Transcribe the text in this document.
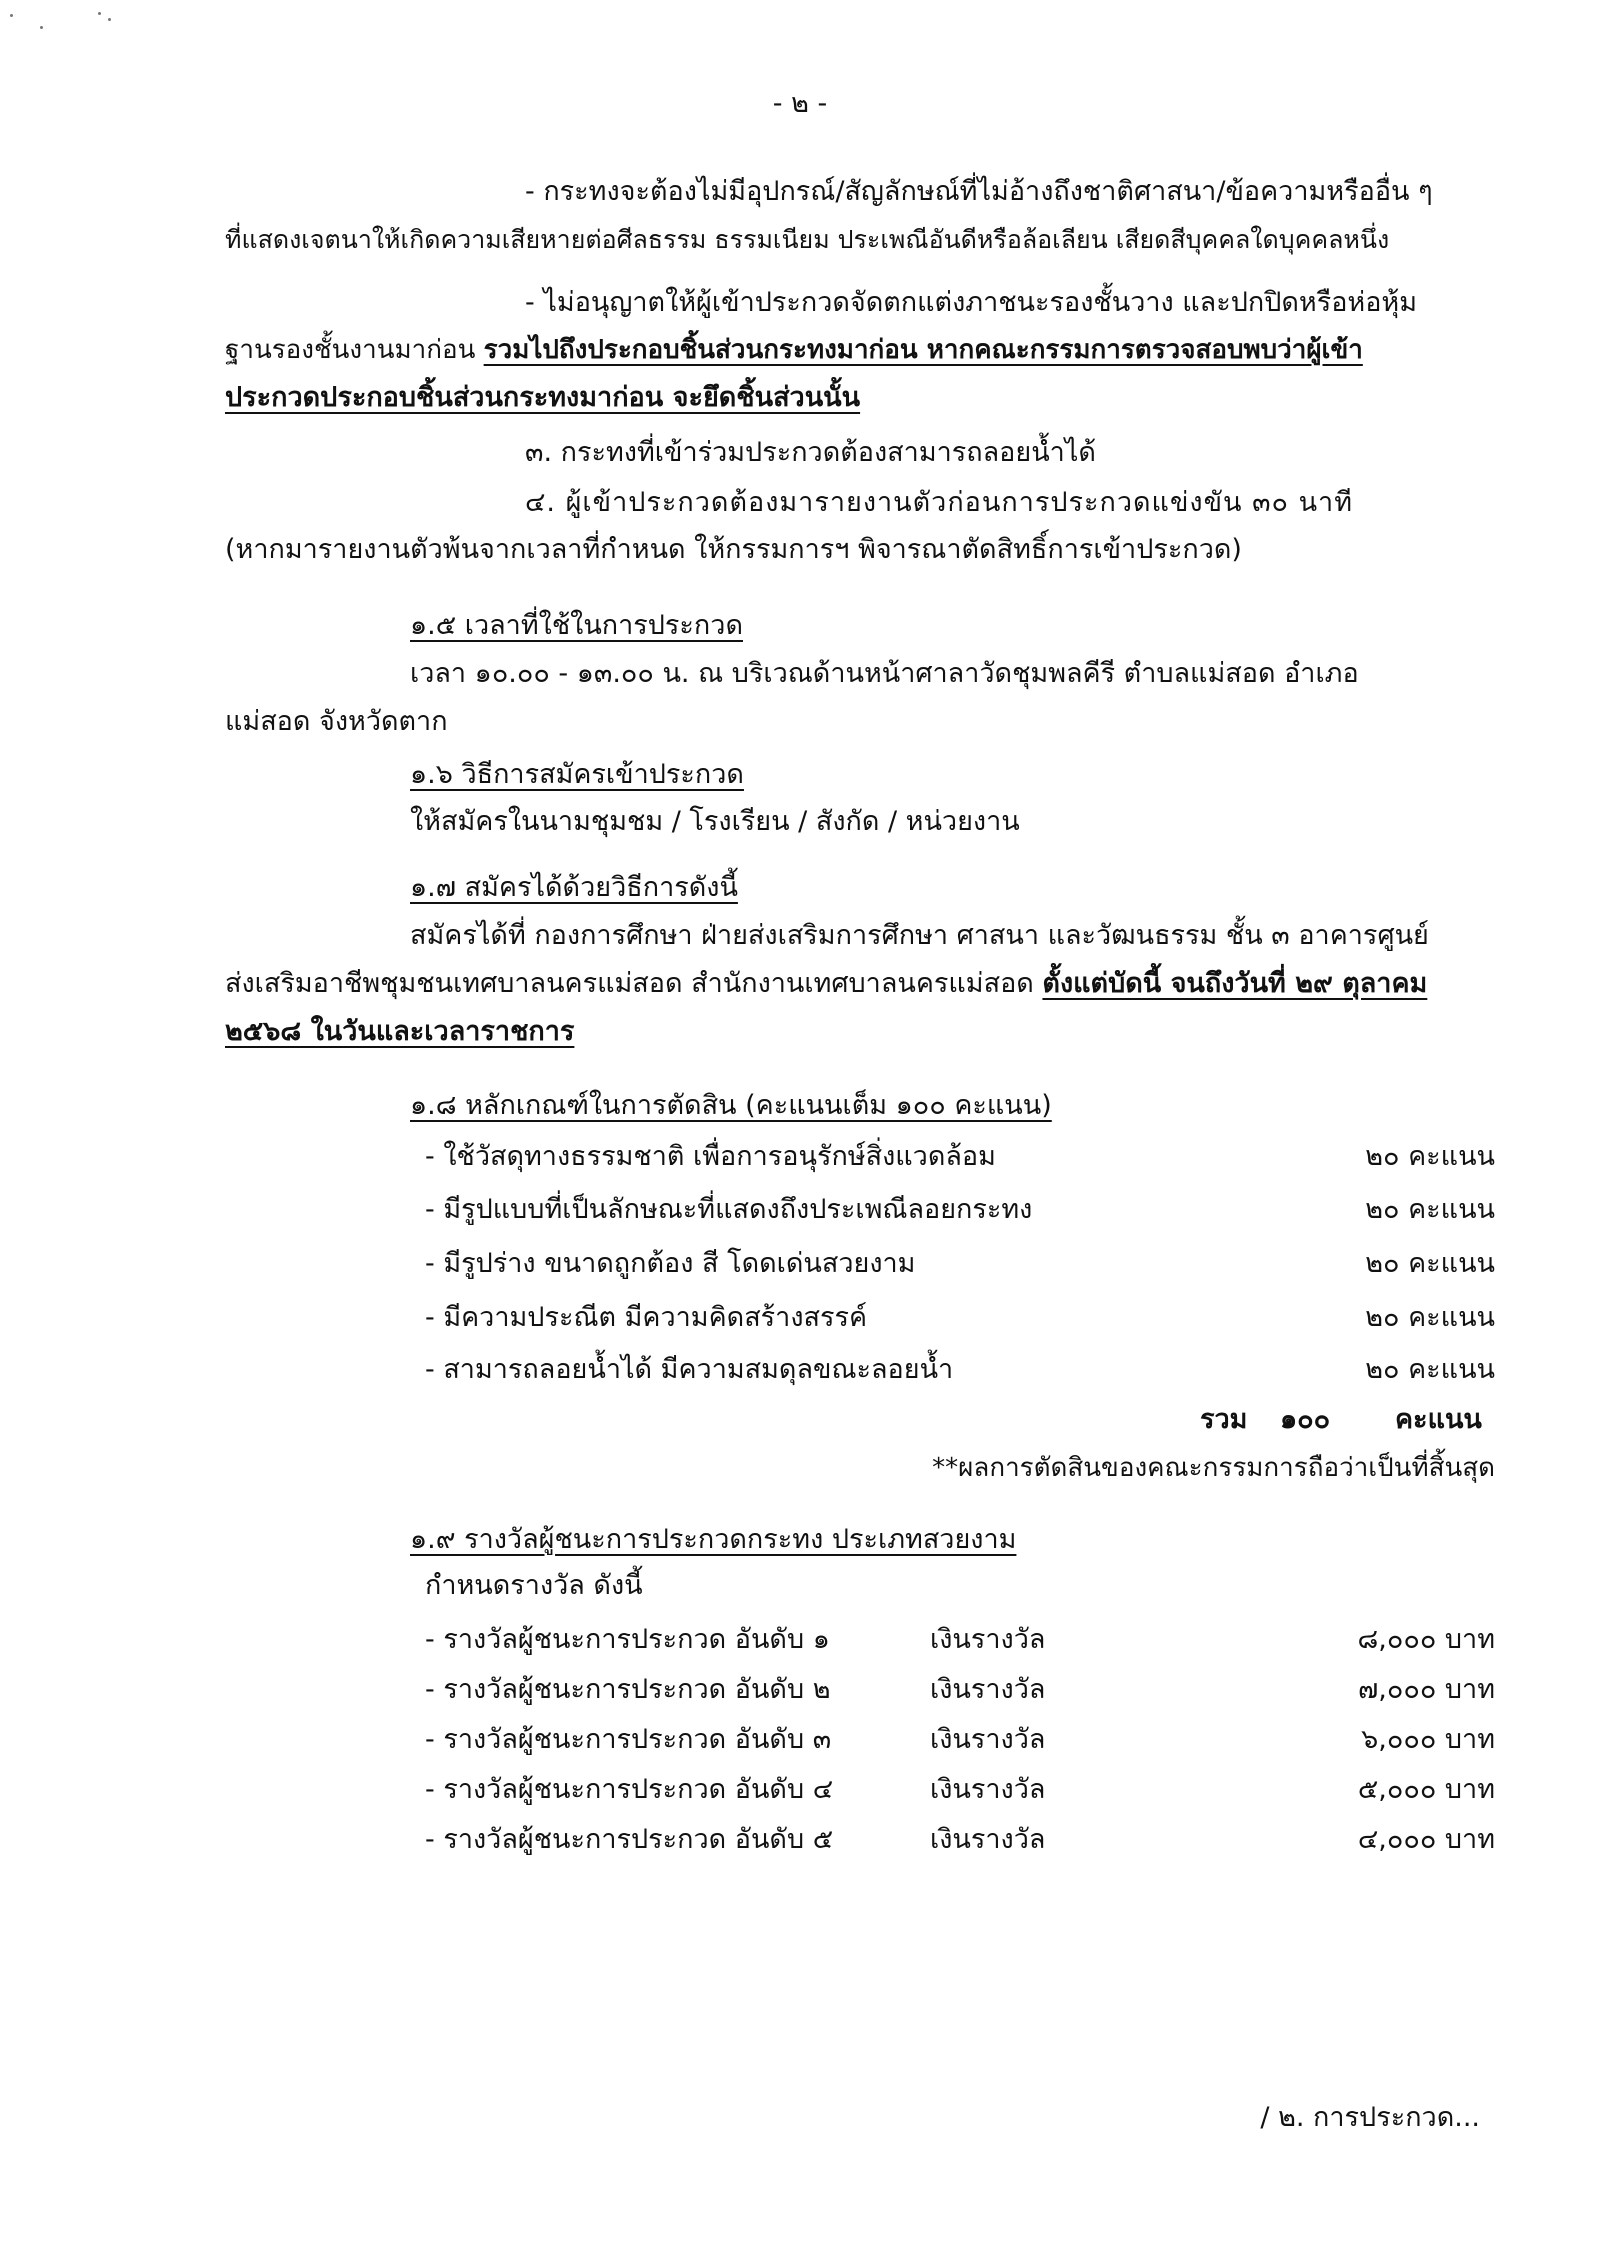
- ๒ -
- กระทงจะต้องไม่มีอุปกรณ์/สัญลักษณ์ที่ไม่อ้างถึงชาติศาสนา/ข้อความหรืออื่น ๆ
ที่แสดงเจตนาให้เกิดความเสียหายต่อศีลธรรม ธรรมเนียม ประเพณีอันดีหรือล้อเลียน เสียดสีบุคคลใดบุคคลหนึ่ง
- ไม่อนุญาตให้ผู้เข้าประกวดจัดตกแต่งภาชนะรองชั้นวาง และปกปิดหรือห่อหุ้ม
ฐานรองชั้นงานมาก่อน รวมไปถึงประกอบชิ้นส่วนกระทงมาก่อน หากคณะกรรมการตรวจสอบพบว่าผู้เข้า
ประกวดประกอบชิ้นส่วนกระทงมาก่อน จะยึดชิ้นส่วนนั้น
๓. กระทงที่เข้าร่วมประกวดต้องสามารถลอยน้ำได้
๔. ผู้เข้าประกวดต้องมารายงานตัวก่อนการประกวดแข่งขัน ๓๐ นาที
(หากมารายงานตัวพ้นจากเวลาที่กำหนด ให้กรรมการฯ พิจารณาตัดสิทธิ์การเข้าประกวด)
๑.๕ เวลาที่ใช้ในการประกวด
เวลา ๑๐.๐๐ - ๑๓.๐๐ น. ณ บริเวณด้านหน้าศาลาวัดชุมพลคีรี ตำบลแม่สอด อำเภอ
แม่สอด จังหวัดตาก
๑.๖ วิธีการสมัครเข้าประกวด
ให้สมัครในนามชุมชม / โรงเรียน / สังกัด / หน่วยงาน
๑.๗ สมัครได้ด้วยวิธีการดังนี้
สมัครได้ที่ กองการศึกษา ฝ่ายส่งเสริมการศึกษา ศาสนา และวัฒนธรรม ชั้น ๓ อาคารศูนย์
ส่งเสริมอาชีพชุมชนเทศบาลนครแม่สอด สำนักงานเทศบาลนครแม่สอด ตั้งแต่บัดนี้ จนถึงวันที่ ๒๙ ตุลาคม
๒๕๖๘ ในวันและเวลาราชการ
๑.๘ หลักเกณฑ์ในการตัดสิน (คะแนนเต็ม ๑๐๐ คะแนน)
- ใช้วัสดุทางธรรมชาติ เพื่อการอนุรักษ์สิ่งแวดล้อม	๒๐ คะแนน
- มีรูปแบบที่เป็นลักษณะที่แสดงถึงประเพณีลอยกระทง	๒๐ คะแนน
- มีรูปร่าง ขนาดถูกต้อง สี โดดเด่นสวยงาม	๒๐ คะแนน
- มีความประณีต มีความคิดสร้างสรรค์	๒๐ คะแนน
- สามารถลอยน้ำได้ มีความสมดุลขณะลอยน้ำ	๒๐ คะแนน
รวม ๑๐๐ คะแนน
**ผลการตัดสินของคณะกรรมการถือว่าเป็นที่สิ้นสุด
๑.๙ รางวัลผู้ชนะการประกวดกระทง ประเภทสวยงาม
กำหนดรางวัล ดังนี้
- รางวัลผู้ชนะการประกวด อันดับ ๑	เงินรางวัล	๘,๐๐๐ บาท
- รางวัลผู้ชนะการประกวด อันดับ ๒	เงินรางวัล	๗,๐๐๐ บาท
- รางวัลผู้ชนะการประกวด อันดับ ๓	เงินรางวัล	๖,๐๐๐ บาท
- รางวัลผู้ชนะการประกวด อันดับ ๔	เงินรางวัล	๕,๐๐๐ บาท
- รางวัลผู้ชนะการประกวด อันดับ ๕	เงินรางวัล	๔,๐๐๐ บาท
/ ๒. การประกวด...
